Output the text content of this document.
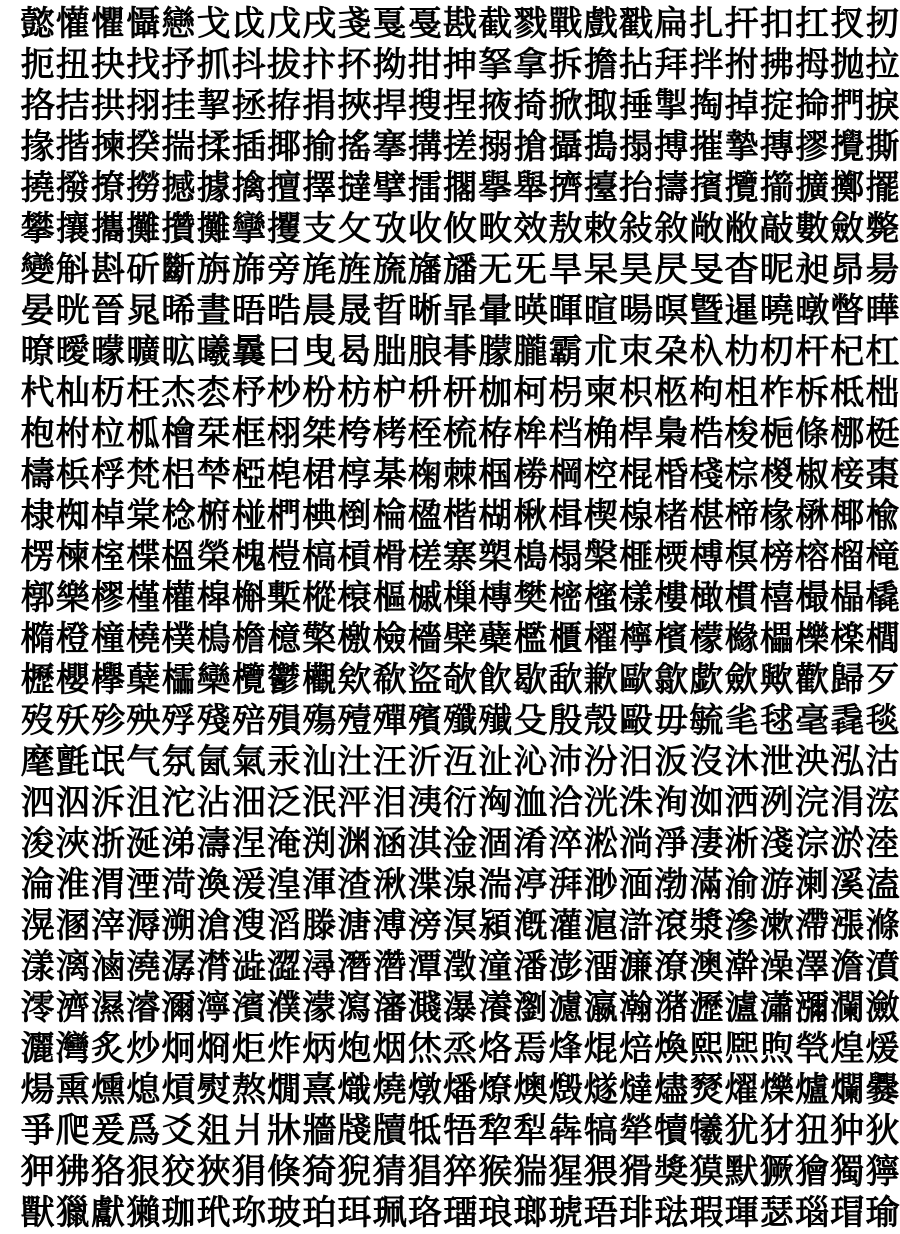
懿 懽 懼 懾 戀 戈 戉 戊 戌 戔 戛 戞 戡 截 戮 戰 戲 戳 扁 扎 扞 扣 扛 扠 扨
扼 扭 抉 找 抒 抓 抖 拔 抃 抔 拗 拑 抻 拏 拿 拆 擔 拈 拜 拌 拊 拂 拇 抛 拉
挌 拮 拱 挧 挂 挈 拯 拵 捐 挾 捍 搜 捏 掖 掎 掀 掫 捶 掣 掏 掉 掟 掵 捫 捩
掾 揩 揀 揆 揣 揉 插 揶 揄 搖 搴 搆 搓 搦 搶 攝 搗 搨 搏 摧 摯 摶 摎 攪 撕
撓 撥 撩 撈 撼 據 擒 擅 擇 撻 擘 擂 擱 擧 舉 擠 擡 抬 擣 擯 攬 擶 擴 擲 擺
攀 攘 攜 攤 攢 攤 攣 攫 支 攵 攷 收 攸 畋 效 敖 敕 敍 敘 敞 敝 敲 數 斂 斃
變 斛 斟 斫 斷 旃 旆 旁 旄 旌 旒 旛 旙 无 旡 旱 杲 昊 昃 旻 杳 昵 昶 昴 昜
晏 晄 晉 晁 晞 晝 晤 晧 晨 晟 晢 晰 暃 暈 暎 暉 暄 暘 暝 曁 暹 曉 暾 暼 曄
暸 曖 曚 曠 昿 曦 曩 曰 曳 曷 朏 朖 朞 朦 朧 霸 朮 朿 朶 杁 朸 朷 杆 杞 杠
杙 杣 杤 枉 杰 枩 杼 杪 枌 枋 枦 枡 枅 枷 柯 枴 柬 枳 柩 枸 柤 柞 柝 柢 柮
枹 柎 柆 柧 檜 栞 框 栩 桀 桍 栲 桎 梳 栫 桙 档 桷 桿 梟 梏 梭 梔 條 梛 梃
檮 梹 桴 梵 梠 梺 椏 梍 桾 椁 棊 椈 棘 椢 椦 棡 椌 棍 棔 棧 棕 椶 椒 椄 棗
棣 椥 棹 棠 棯 椨 椪 椚 椣 椡 棆 楹 楷 楜 楸 楫 楔 楾 楮 椹 楴 椽 楙 椰 楡
楞 楝 榁 楪 榲 榮 槐 榿 槁 槓 榾 槎 寨 槊 槝 榻 槃 榧 樮 榑 榠 榜 榕 榴 槞
槨 樂 樛 槿 權 槹 槲 槧 樅 榱 樞 槭 樔 槫 樊 樒 櫁 樣 樓 橄 樌 橲 樶 橸 橇
橢 橙 橦 橈 樸 樢 檐 檍 檠 檄 檢 檣 檗 蘗 檻 櫃 櫂 檸 檳 檬 櫞 櫑 櫟 檪 櫚
櫪 櫻 欅 蘖 櫺 欒 欖 鬱 欟 欸 欷 盜 欹 飮 歇 歃 歉 歐 歙 歔 歛 歟 歡 歸 歹
歿 殀 殄 殃 殍 殘 殕 殞 殤 殪 殫 殯 殲 殱 殳 殷 殼 毆 毋 毓 毟 毬 毫 毳 毯
麾 氈 氓 气 氛 氤 氣 汞 汕 汢 汪 沂 沍 沚 沁 沛 汾 汨 汳 沒 沐 泄 泱 泓 沽
泗 泅 泝 沮 沱 沾 沺 泛 泯 泙 泪 洟 衍 洶 洫 洽 洸 洙 洵 洳 洒 洌 浣 涓 浤
浚 浹 浙 涎 涕 濤 涅 淹 渕 渊 涵 淇 淦 涸 淆 淬 淞 淌 淨 淒 淅 淺 淙 淤 淕
淪 淮 渭 湮 渮 渙 湲 湟 渾 渣 湫 渫 湶 湍 渟 湃 渺 湎 渤 滿 渝 游 溂 溪 溘
滉 溷 滓 溽 溯 滄 溲 滔 滕 溏 溥 滂 溟 潁 漑 灌 滬 滸 滾 漿 滲 漱 滯 漲 滌
漾 漓 滷 澆 潺 潸 澁 澀 潯 潛 濳 潭 澂 潼 潘 澎 澑 濂 潦 澳 澣 澡 澤 澹 濆
澪 濟 濕 濬 濔 濘 濱 濮 濛 瀉 瀋 濺 瀑 瀁 瀏 濾 瀛 瀚 潴 瀝 瀘 瀟 瀰 瀾 瀲
灑 灣 炙 炒 炯 烱 炬 炸 炳 炮 烟 烋 烝 烙 焉 烽 焜 焙 煥 熙 熈 煦 煢 煌 煖
煬 熏 燻 熄 熕 熨 熬 燗 熹 熾 燒 燉 燔 燎 燠 燬 燧 燵 燼 燹 燿 爍 爐 爛 爨
爭 爬 爰 爲 爻 爼 爿 牀 牆 牋 牘 牴 牾 犂 犁 犇 犒 犖 犢 犧 犹 犲 狃 狆 狄
狎 狒 狢 狠 狡 狹 狷 倏 猗 猊 猜 猖 猝 猴 猯 猩 猥 猾 獎 獏 默 獗 獪 獨 獰
獸 獵 獻 獺 珈 玳 珎 玻 珀 珥 珮 珞 璢 琅 瑯 琥 珸 琲 琺 瑕 琿 瑟 瑙 瑁 瑜
